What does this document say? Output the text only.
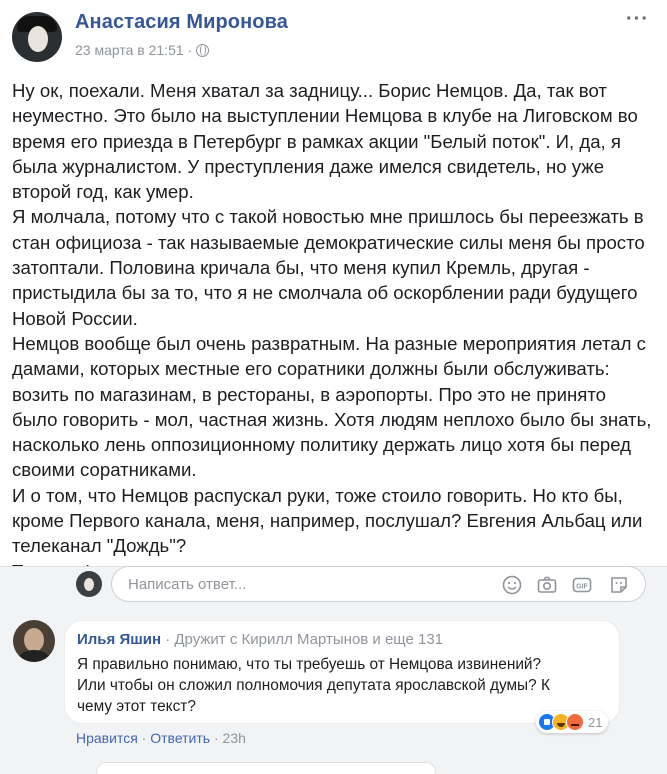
Анастасия Миронова
23 марта в 21:51 ·
···

Ну ок, поехали. Меня хватал за задницу... Борис Немцов. Да, так вот

неуместно. Это было на выступлении Немцова в клубе на Лиговском во

время его приезда в Петербург в рамках акции "Белый поток". И, да, я

была журналистом. У преступления даже имелся свидетель, но уже

второй год, как умер.

Я молчала, потому что с такой новостью мне пришлось бы переезжать в

стан официоза - так называемые демократические силы меня бы просто

затоптали. Половина кричала бы, что меня купил Кремль, другая -

пристыдила бы за то, что я не смолчала об оскорблении ради будущего

Новой России.

Немцов вообще был очень развратным. На разные мероприятия летал с

дамами, которых местные его соратники должны были обслуживать:

возить по магазинам, в рестораны, в аэропорты. Про это не принято

было говорить - мол, частная жизнь. Хотя людям неплохо было бы знать,

насколько лень оппозиционному политику держать лицо хотя бы перед

своими соратниками.

И о том, что Немцов распускал руки, тоже стоило говорить. Но кто бы,

кроме Первого канала, меня, например, послушал? Евгения Альбац или

телеканал "Дождь"?

Написать ответ...	GIF
Илья Яшин · Дружит с Кирилл Мартынов и еще 131

Я правильно понимаю, что ты требуешь от Немцова извинений?

Или чтобы он сложил полномочия депутата ярославской думы? К

чему этот текст?

21
Нравится · Ответить · 23h
